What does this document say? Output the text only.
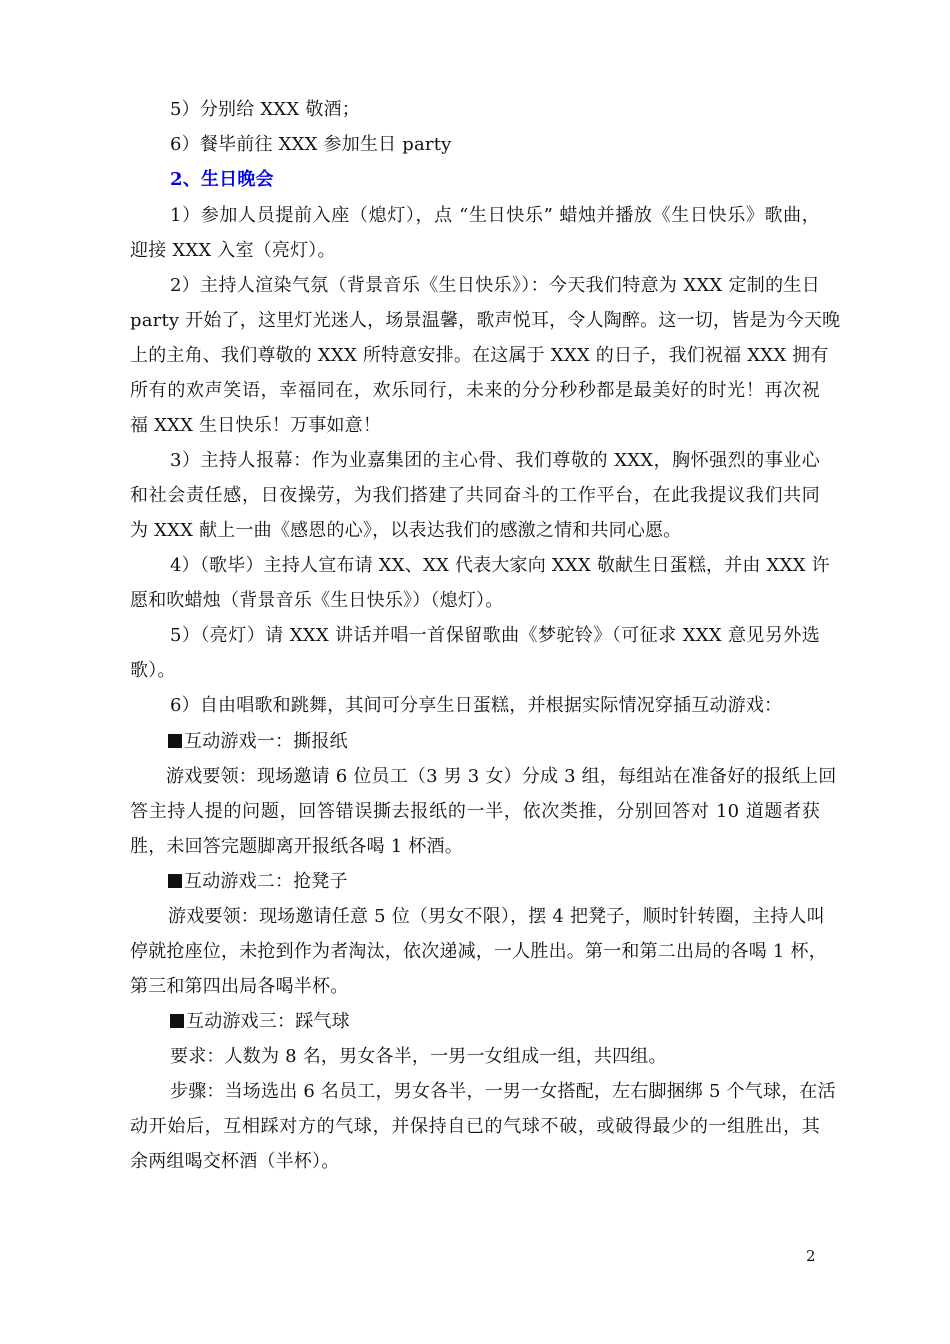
5）分别给 XXX 敬酒；
6）餐毕前往 XXX 参加生日 party
2、生日晚会
1）参加人员提前入座（熄灯），点 “生日快乐” 蜡烛并播放《生日快乐》歌曲，
迎接 XXX 入室（亮灯）。
2）主持人渲染气氛（背景音乐《生日快乐》）：今天我们特意为 XXX 定制的生日
party 开始了，这里灯光迷人，场景温馨，歌声悦耳，令人陶醉。这一切，皆是为今天晚
上的主角、我们尊敬的 XXX 所特意安排。在这属于 XXX 的日子，我们祝福 XXX 拥有
所有的欢声笑语，幸福同在，欢乐同行，未来的分分秒秒都是最美好的时光！再次祝
福 XXX 生日快乐！万事如意！
3）主持人报幕：作为业嘉集团的主心骨、我们尊敬的 XXX，胸怀强烈的事业心
和社会责任感，日夜操劳，为我们搭建了共同奋斗的工作平台，在此我提议我们共同
为 XXX 献上一曲《感恩的心》，以表达我们的感激之情和共同心愿。
4）（歌毕）主持人宣布请 XX、XX 代表大家向 XXX 敬献生日蛋糕，并由 XXX 许
愿和吹蜡烛（背景音乐《生日快乐》）（熄灯）。
5）（亮灯）请 XXX 讲话并唱一首保留歌曲《梦驼铃》（可征求 XXX 意见另外选
歌）。
6）自由唱歌和跳舞，其间可分享生日蛋糕，并根据实际情况穿插互动游戏：
互动游戏一：撕报纸
游戏要领：现场邀请 6 位员工（3 男 3 女）分成 3 组，每组站在准备好的报纸上回
答主持人提的问题，回答错误撕去报纸的一半，依次类推，分别回答对 10 道题者获
胜，未回答完题脚离开报纸各喝 1 杯酒。
互动游戏二：抢凳子
游戏要领：现场邀请任意 5 位（男女不限），摆 4 把凳子，顺时针转圈，主持人叫
停就抢座位，未抢到作为者淘汰，依次递减，一人胜出。第一和第二出局的各喝 1 杯，
第三和第四出局各喝半杯。
互动游戏三：踩气球
要求：人数为 8 名，男女各半，一男一女组成一组，共四组。
步骤：当场选出 6 名员工，男女各半，一男一女搭配，左右脚捆绑 5 个气球，在活
动开始后，互相踩对方的气球，并保持自已的气球不破，或破得最少的一组胜出，其
余两组喝交杯酒（半杯）。
2
